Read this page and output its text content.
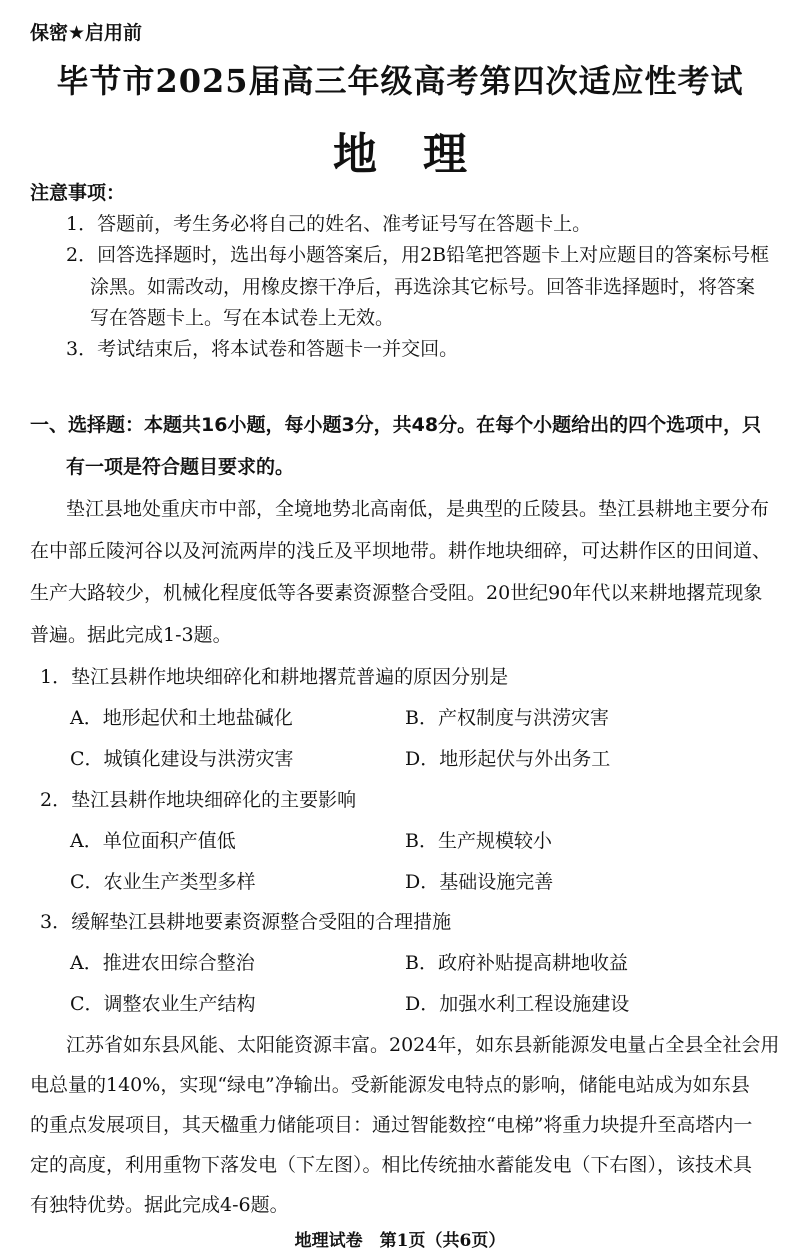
保密★启用前
毕节市2025届高三年级高考第四次适应性考试
地理
注意事项：
1．答题前，考生务必将自己的姓名、准考证号写在答题卡上。
2．回答选择题时，选出每小题答案后，用2B铅笔把答题卡上对应题目的答案标号框
涂黑。如需改动，用橡皮擦干净后，再选涂其它标号。回答非选择题时，将答案
写在答题卡上。写在本试卷上无效。
3．考试结束后，将本试卷和答题卡一并交回。
一、选择题：本题共16小题，每小题3分，共48分。在每个小题给出的四个选项中，只
有一项是符合题目要求的。
垫江县地处重庆市中部，全境地势北高南低，是典型的丘陵县。垫江县耕地主要分布
在中部丘陵河谷以及河流两岸的浅丘及平坝地带。耕作地块细碎，可达耕作区的田间道、
生产大路较少，机械化程度低等各要素资源整合受阻。20世纪90年代以来耕地撂荒现象
普遍。据此完成1-3题。
1．垫江县耕作地块细碎化和耕地撂荒普遍的原因分别是
A．地形起伏和土地盐碱化	B．产权制度与洪涝灾害
C．城镇化建设与洪涝灾害	D．地形起伏与外出务工
2．垫江县耕作地块细碎化的主要影响
A．单位面积产值低	B．生产规模较小
C．农业生产类型多样	D．基础设施完善
3．缓解垫江县耕地要素资源整合受阻的合理措施
A．推进农田综合整治	B．政府补贴提高耕地收益
C．调整农业生产结构	D．加强水利工程设施建设
江苏省如东县风能、太阳能资源丰富。2024年，如东县新能源发电量占全县全社会用
电总量的140%，实现“绿电”净输出。受新能源发电特点的影响，储能电站成为如东县
的重点发展项目，其天楹重力储能项目：通过智能数控“电梯”将重力块提升至高塔内一
定的高度，利用重物下落发电（下左图）。相比传统抽水蓄能发电（下右图），该技术具
有独特优势。据此完成4-6题。
地理试卷　第1页（共6页）
